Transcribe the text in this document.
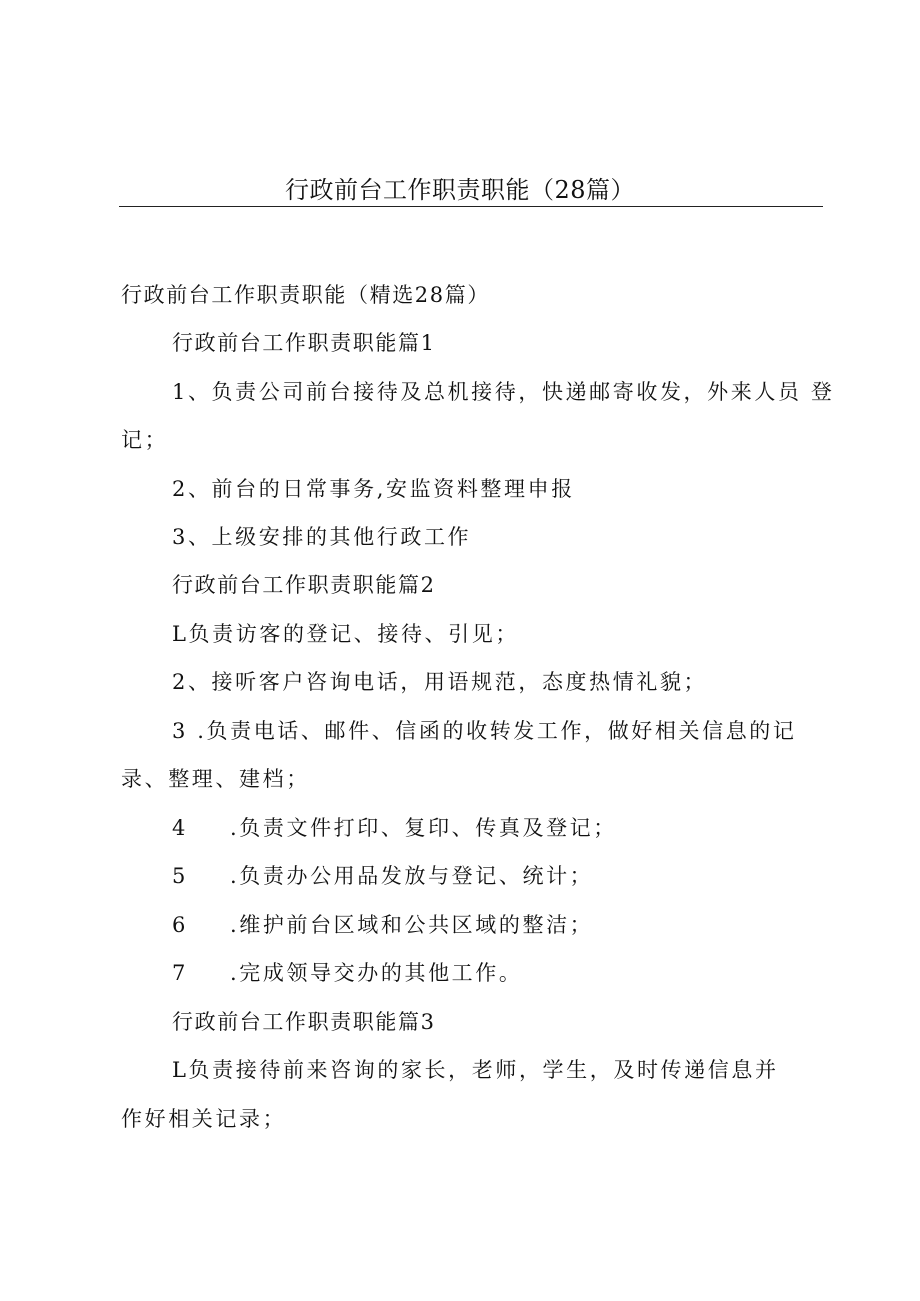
行政前台工作职责职能（28篇）
行政前台工作职责职能（精选28篇）
行政前台工作职责职能篇1
1、负责公司前台接待及总机接待，快递邮寄收发，外来人员 登
记；
2、前台的日常事务,安监资料整理申报
3、上级安排的其他行政工作
行政前台工作职责职能篇2
L负责访客的登记、接待、引见；
2、接听客户咨询电话，用语规范，态度热情礼貌；
3 .负责电话、邮件、信函的收转发工作，做好相关信息的记
录、整理、建档；
4 .负责文件打印、复印、传真及登记；
5 .负责办公用品发放与登记、统计；
6 .维护前台区域和公共区域的整洁；
7 .完成领导交办的其他工作。
行政前台工作职责职能篇3
L负责接待前来咨询的家长，老师，学生，及时传递信息并
作好相关记录；
